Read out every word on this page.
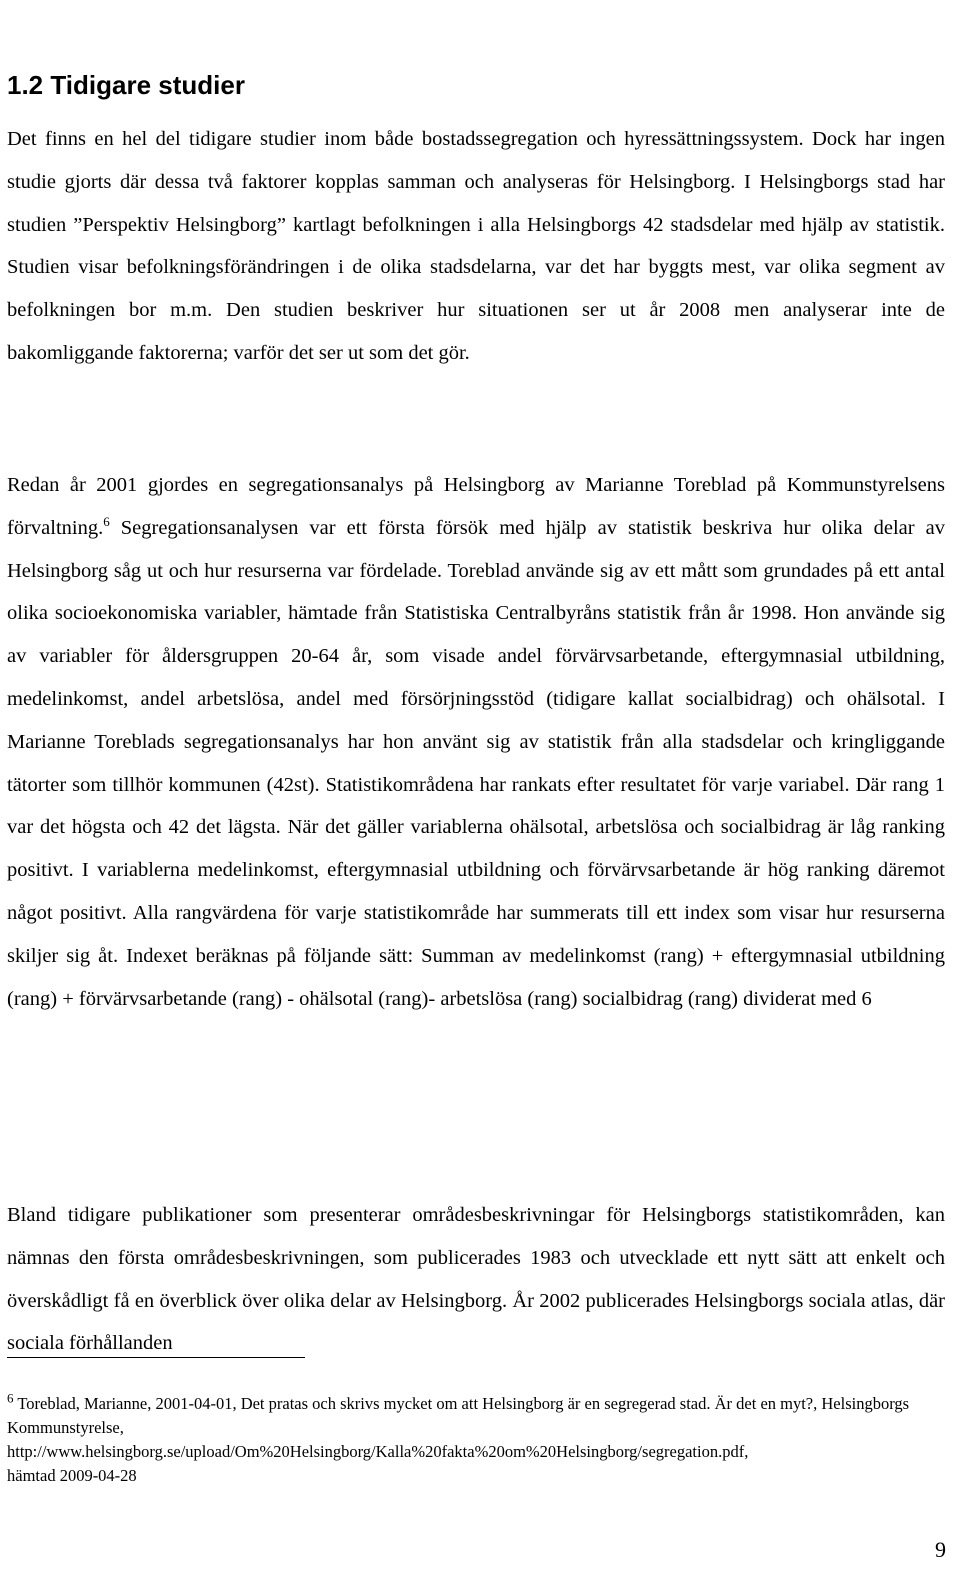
1.2 Tidigare studier

Det finns en hel del tidigare studier inom både bostadssegregation och hyressättningssystem. Dock har ingen studie gjorts där dessa två faktorer kopplas samman och analyseras för Helsingborg. I Helsingborgs stad har studien ”Perspektiv Helsingborg” kartlagt befolkningen i alla Helsingborgs 42 stadsdelar med hjälp av statistik. Studien visar befolkningsförändringen i de olika stadsdelarna, var det har byggts mest, var olika segment av befolkningen bor m.m. Den studien beskriver hur situationen ser ut år 2008 men analyserar inte de bakomliggande faktorerna; varför det ser ut som det gör.

Redan år 2001 gjordes en segregationsanalys på Helsingborg av Marianne Toreblad på Kommunstyrelsens förvaltning.$^6$ Segregationsanalysen var ett första försök med hjälp av statistik beskriva hur olika delar av Helsingborg såg ut och hur resurserna var fördelade. Toreblad använde sig av ett mått som grundades på ett antal olika socioekonomiska variabler, hämtade från Statistiska Centralbyråns statistik från år 1998. Hon använde sig av variabler för åldersgruppen 20-64 år, som visade andel förvärvsarbetande, eftergymnasial utbildning, medelinkomst, andel arbetslösa, andel med försörjningsstöd (tidigare kallat socialbidrag) och ohälsotal. I Marianne Toreblads segregationsanalys har hon använt sig av statistik från alla stadsdelar och kringliggande tätorter som tillhör kommunen (42st). Statistikområdena har rankats efter resultatet för varje variabel. Där rang 1 var det högsta och 42 det lägsta. När det gäller variablerna ohälsotal, arbetslösa och socialbidrag är låg ranking positivt. I variablerna medelinkomst, eftergymnasial utbildning och förvärvsarbetande är hög ranking däremot något positivt. Alla rangvärdena för varje statistikområde har summerats till ett index som visar hur resurserna skiljer sig åt. Indexet beräknas på följande sätt: Summan av medelinkomst (rang) + eftergymnasial utbildning (rang) + förvärvsarbetande (rang) - ohälsotal (rang)- arbetslösa (rang) socialbidrag (rang) dividerat med 6

Bland tidigare publikationer som presenterar områdesbeskrivningar för Helsingborgs statistikområden, kan nämnas den första områdesbeskrivningen, som publicerades 1983 och utvecklade ett nytt sätt att enkelt och överskådligt få en överblick över olika delar av Helsingborg. År 2002 publicerades Helsingborgs sociala atlas, där sociala förhållanden

$^6$ Toreblad, Marianne, 2001-04-01, Det pratas och skrivs mycket om att Helsingborg är en segregerad stad. Är det en myt?, Helsingborgs Kommunstyrelse,
http://www.helsingborg.se/upload/Om%20Helsingborg/Kalla%20fakta%20om%20Helsingborg/segregation.pdf,
hämtad 2009-04-28

9
